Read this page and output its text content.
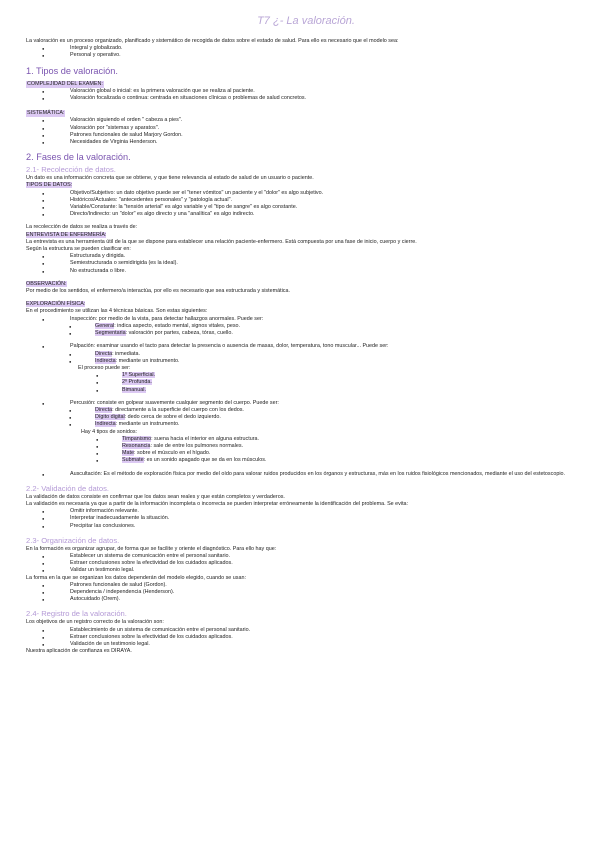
T7 ¿- La valoración.

La valoración es un proceso organizado, planificado y sistemático de recogida de datos sobre el estado de salud. Para ello es necesario que el modelo sea:

● Integral y globalizado.
● Personal y operativo.
1. Tipos de valoración.
COMPLEJIDAD DEL EXAMEN:
● Valoración global o inicial: es la primera valoración que se realiza al paciente.
● Valoración focalizada o continua: centrada en situaciones clínicas o problemas de salud concretos.
SISTEMÁTICA:
● Valoración siguiendo el orden " cabeza a pies".
● Valoración por "sistemas y aparatos".
● Patrones funcionales de salud Marjory Gordon.
● Necesidades de Virginia Henderson.
2. Fases de la valoración.
2.1- Recolección de datos.

Un dato es una información concreta que se obtiene, y que tiene relevancia al estado de salud de un usuario o paciente.

TIPOS DE DATOS:
● Objetivo/Subjetivo: un dato objetivo puede ser el "tener vómitos" un paciente y el "dolor" es algo subjetivo.
● Históricos/Actuales: "antecedentes personales" y "patología actual".
● Variable/Constante: la "tensión arterial" es algo variable y el "tipo de sangre" es algo constante.
● Directo/Indirecto: un "dolor" es algo directo y una "analítica" es algo indirecto.

La recolección de datos se realiza a través de:

ENTREVISTA DE ENFERMERÍA:

La entrevista es una herramienta útil de la que se dispone para establecer una relación paciente-enfermero. Está compuesta por una fase de inicio, cuerpo y cierre.

Según la estructura se pueden clasificar en:

● Estructurada y dirigida.
● Semiestructurada o semidirigida (es la ideal).
● No estructurada o libre.
OBSERVACIÓN:

Por medio de los sentidos, el enfermero/a interactúa, por ello es necesario que sea estructurada y sistemática.

EXPLORACIÓN FÍSICA:

En el procedimiento se utilizan las 4 técnicas básicas. Son estas siguientes:

● Inspección: por medio de la vista, para detectar hallazgos anormales. Puede ser:
● General: indica aspecto, estado mental, signos vitales, peso.
● Segmentaria: valoración por partes, cabeza, tórax, cuello.
● Palpación: examinar usando el tacto para detectar la presencia o ausencia de masas, dolor, temperatura, tono muscular... Puede ser:
● Directa: inmediata.
● Indirecta: mediante un instrumento.

El proceso puede ser:

● 1º Superficial.
● 2º Profunda.
● Bimanual.
● Percusión: consiste en golpear suavemente cualquier segmento del cuerpo. Puede ser:
● Directa: directamente a la superficie del cuerpo con los dedos.
● Dígito digital: dedo cerca de sobre el dedo izquierdo.
● Indirecta: mediante un instrumento.

Hay 4 tipos de sonidos:

● Timpanismo: suena hacia el interior en alguna estructura.
● Resonancia: sale de entre los pulmones normales.
● Mate: sobre el músculo en el hígado.
● Submate: es un sonido apagado que se da en los músculos.
● Auscultación: Es el método de exploración física por medio del oído para valorar ruidos producidos en los órganos y estructuras, más en los ruidos fisiológicos mencionados, mediante el uso del estetoscopio.
2.2- Validación de datos.

La validación de datos consiste en confirmar que los datos sean reales y que están completos y verdaderos.

La validación es necesaria ya que a partir de la información incompleta o incorrecta se pueden interpretar erróneamente la identificación del problema. Se evita:

● Omitir información relevante.
● Interpretar inadecuadamente la situación.
● Precipitar las conclusiones.
2.3- Organización de datos.

En la formación es organizar agrupar, de forma que se facilite y oriente el diagnóstico. Para ello hay que:

● Establecer un sistema de comunicación entre el personal sanitario.
● Extraer conclusiones sobre la efectividad de los cuidados aplicados.
● Validar un testimonio legal.

La forma en la que se organizan los datos dependerán del modelo elegido, cuando se usan:

● Patrones funcionales de salud (Gordon).
● Dependencia / independencia (Henderson).
● Autocuidado (Orem).
2.4- Registro de la valoración.

Los objetivos de un registro correcto de la valoración son:

● Establecimiento de un sistema de comunicación entre el personal sanitario.
● Extraer conclusiones sobre la efectividad de los cuidados aplicados.
● Validación de un testimonio legal.

Nuestra aplicación de confianza es DIRAYA.
